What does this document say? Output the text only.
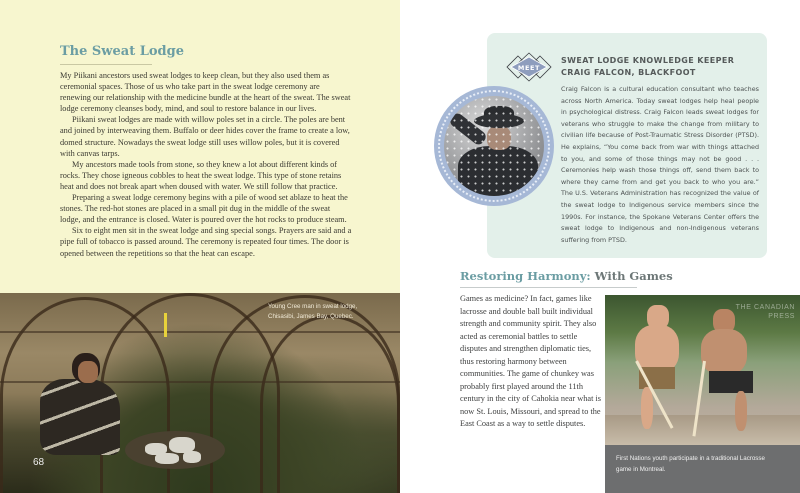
The Sweat Lodge

My Piikani ancestors used sweat lodges to keep clean, but they also used them as ceremonial spaces. Those of us who take part in the sweat lodge ceremony are renewing our relationship with the medicine bundle at the heart of the sweat. The sweat lodge ceremony cleanses body, mind, and soul to restore balance in our lives.

Piikani sweat lodges are made with willow poles set in a circle. The poles are bent and joined by interweaving them. Buffalo or deer hides cover the frame to create a low, domed structure. Nowadays the sweat lodge still uses willow poles, but it is covered with canvas tarps.

My ancestors made tools from stone, so they knew a lot about different kinds of rocks. They chose igneous cobbles to heat the sweat lodge. This type of stone retains heat and does not break apart when doused with water. We still follow that practice.

Preparing a sweat lodge ceremony begins with a pile of wood set ablaze to heat the stones. The red-hot stones are placed in a small pit dug in the middle of the sweat lodge, and the entrance is closed. Water is poured over the hot rocks to produce steam.

Six to eight men sit in the sweat lodge and sing special songs. Prayers are said and a pipe full of tobacco is passed around. The ceremony is repeated four times. The door is opened between the repetitions so that the heat can escape.

Young Cree man in sweat lodge,
Chisasibi, James Bay, Quebec.
68
MEET
SWEAT LODGE KNOWLEDGE KEEPER
CRAIG FALCON, BLACKFOOT
Craig Falcon is a cultural education consultant who teaches across North America. Today sweat lodges help heal people in psychological distress. Craig Falcon leads sweat lodges for veterans who struggle to make the change from military to civilian life because of Post-Traumatic Stress Disorder (PTSD). He explains, “You come back from war with things attached to you, and some of those things may not be good . . . Ceremonies help wash those things off, send them back to where they came from and get you back to who you are.” The U.S. Veterans Administration has recognized the value of the sweat lodge to Indigenous service members since the 1990s. For instance, the Spokane Veterans Center offers the sweat lodge to Indigenous and non-Indigenous veterans suffering from PTSD.
Restoring Harmony: With Games
Games as medicine? In fact, games like lacrosse and double ball built individual strength and community spirit. They also acted as ceremonial battles to settle disputes and strengthen diplomatic ties, thus restoring harmony between communities. The game of chunkey was probably first played around the 11th century in the city of Cahokia near what is now St. Louis, Missouri, and spread to the East Coast as a way to settle disputes.
THE CANADIAN PRESS
First Nations youth participate in a traditional Lacrosse game in Montreal.
